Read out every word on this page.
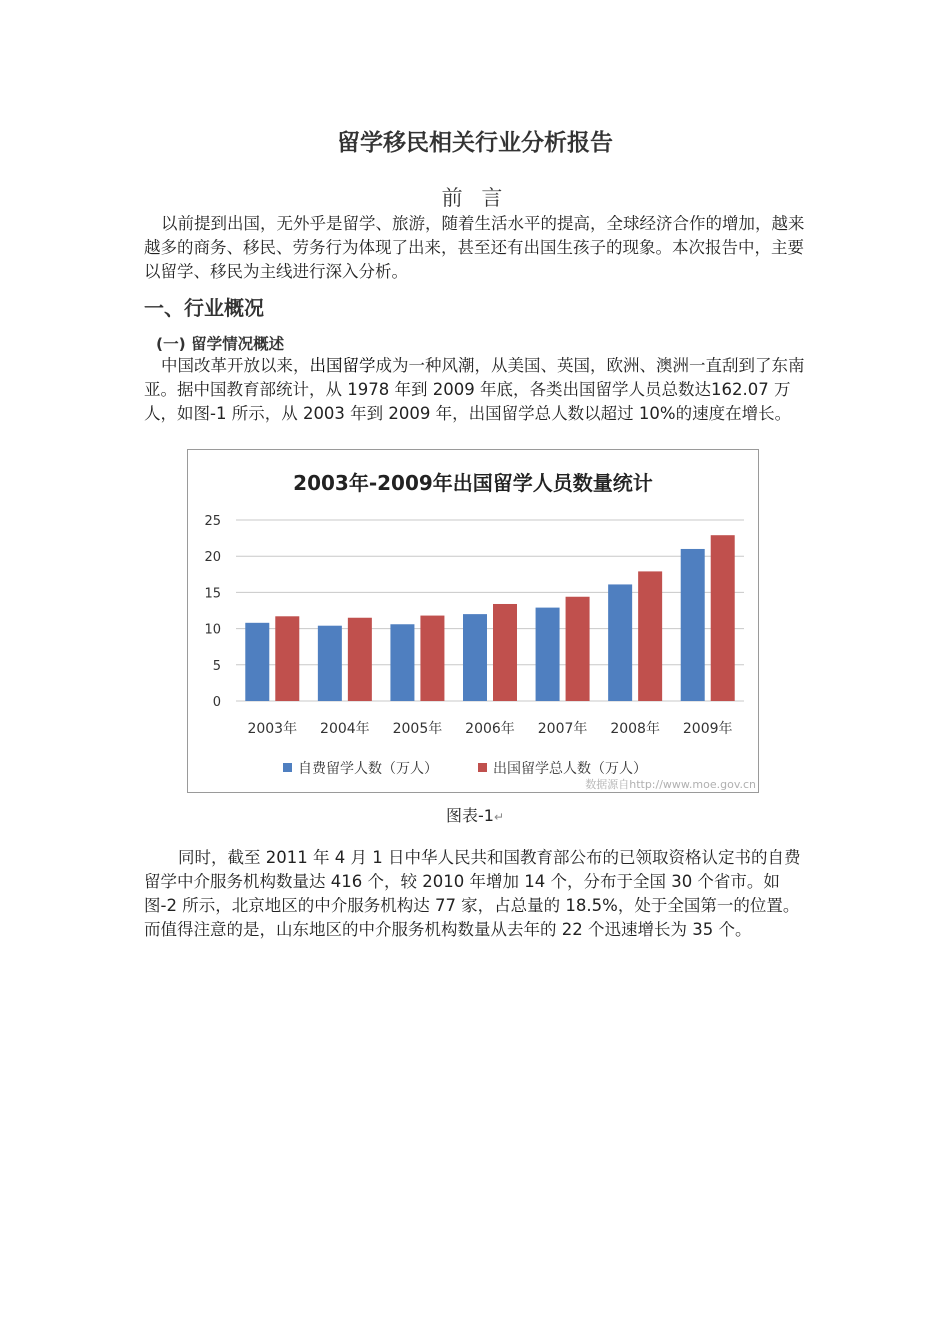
留学移民相关行业分析报告
前 言

以前提到出国，无外乎是留学、旅游，随着生活水平的提高，全球经济合作的增加，越来越多的商务、移民、劳务行为体现了出来，甚至还有出国生孩子的现象。本次报告中，主要以留学、移民为主线进行深入分析。

一、行业概况
(一) 留学情况概述

中国改革开放以来，出国留学成为一种风潮，从美国、英国，欧洲、澳洲一直刮到了东南亚。据中国教育部统计，从 1978 年到 2009 年底，各类出国留学人员总数达162.07 万人，如图-1 所示，从 2003 年到 2009 年，出国留学总人数以超过 10%的速度在增长。

2003年-2009年出国留学人员数量统计
0
5
10
15
20
25
2003年 2004年 2005年 2006年 2007年 2008年 2009年
自费留学人数（万人）	出国留学总人数（万人）
数据源自http://www.moe.gov.cn
图表-1↵

同时，截至 2011 年 4 月 1 日中华人民共和国教育部公布的已领取资格认定书的自费留学中介服务机构数量达 416 个，较 2010 年增加 14 个，分布于全国 30 个省市。如图-2 所示，北京地区的中介服务机构达 77 家，占总量的 18.5%，处于全国第一的位置。而值得注意的是，山东地区的中介服务机构数量从去年的 22 个迅速增长为 35 个。
